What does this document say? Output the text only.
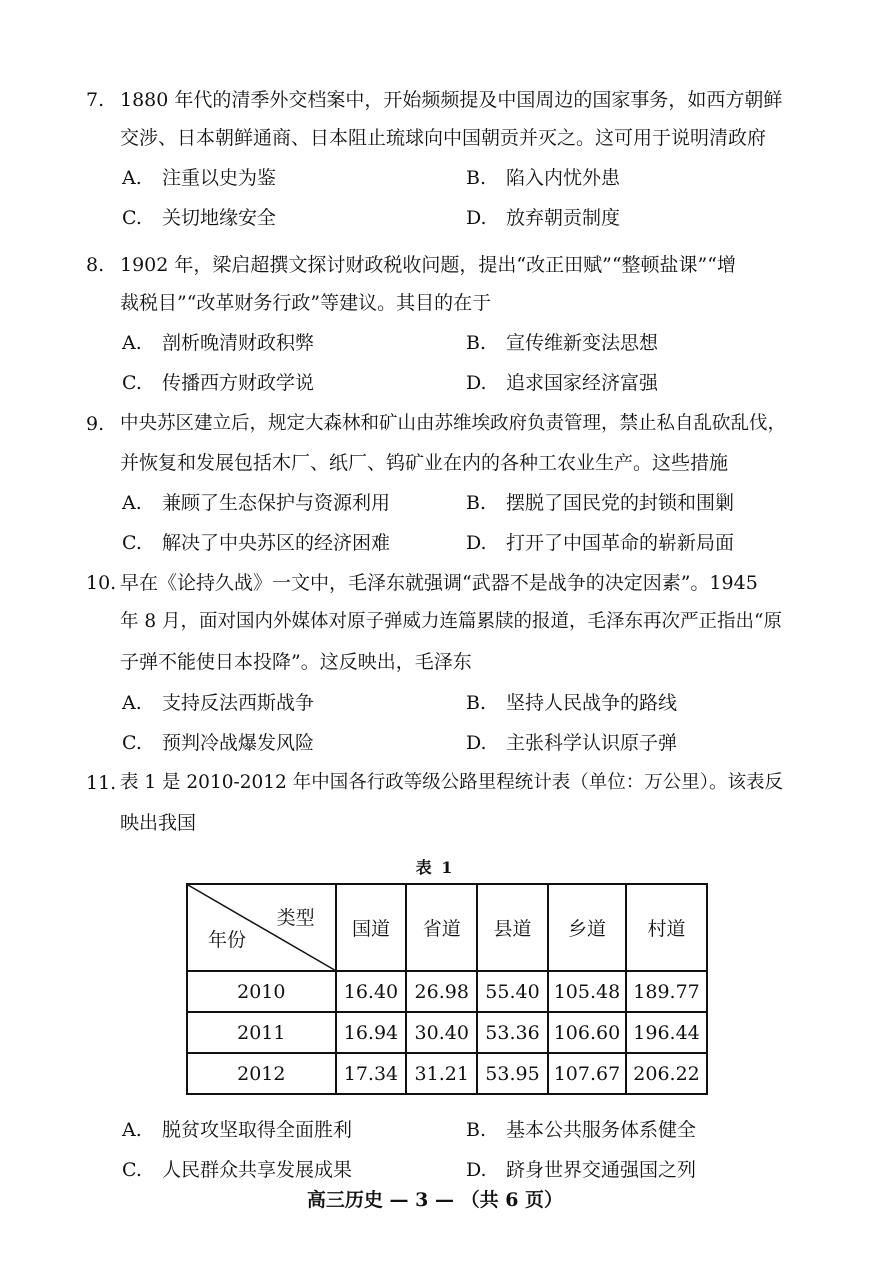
7. 1880 年代的清季外交档案中，开始频频提及中国周边的国家事务，如西方朝鲜
交涉、日本朝鲜通商、日本阻止琉球向中国朝贡并灭之。这可用于说明清政府
A. 注重以史为鉴	B. 陷入内忧外患
C. 关切地缘安全	D. 放弃朝贡制度
8. 1902 年，梁启超撰文探讨财政税收问题，提出“改正田赋”“整顿盐课”“增
裁税目”“改革财务行政”等建议。其目的在于
A. 剖析晚清财政积弊	B. 宣传维新变法思想
C. 传播西方财政学说	D. 追求国家经济富强
9. 中央苏区建立后，规定大森林和矿山由苏维埃政府负责管理，禁止私自乱砍乱伐，
并恢复和发展包括木厂、纸厂、钨矿业在内的各种工农业生产。这些措施
A. 兼顾了生态保护与资源利用	B. 摆脱了国民党的封锁和围剿
C. 解决了中央苏区的经济困难	D. 打开了中国革命的崭新局面
10. 早在《论持久战》一文中，毛泽东就强调“武器不是战争的决定因素”。1945
年 8 月，面对国内外媒体对原子弹威力连篇累牍的报道，毛泽东再次严正指出“原
子弹不能使日本投降”。这反映出，毛泽东
A. 支持反法西斯战争	B. 坚持人民战争的路线
C. 预判冷战爆发风险	D. 主张科学认识原子弹
11. 表 1 是 2010-2012 年中国各行政等级公路里程统计表（单位：万公里）。该表反
映出我国
表 1
类型
年份	国道	省道	县道	乡道	村道
2010	16.40	26.98	55.40	105.48	189.77
2011	16.94	30.40	53.36	106.60	196.44
2012	17.34	31.21	53.95	107.67	206.22
A. 脱贫攻坚取得全面胜利	B. 基本公共服务体系健全
C. 人民群众共享发展成果	D. 跻身世界交通强国之列
高三历史 — 3 — （共 6 页）
